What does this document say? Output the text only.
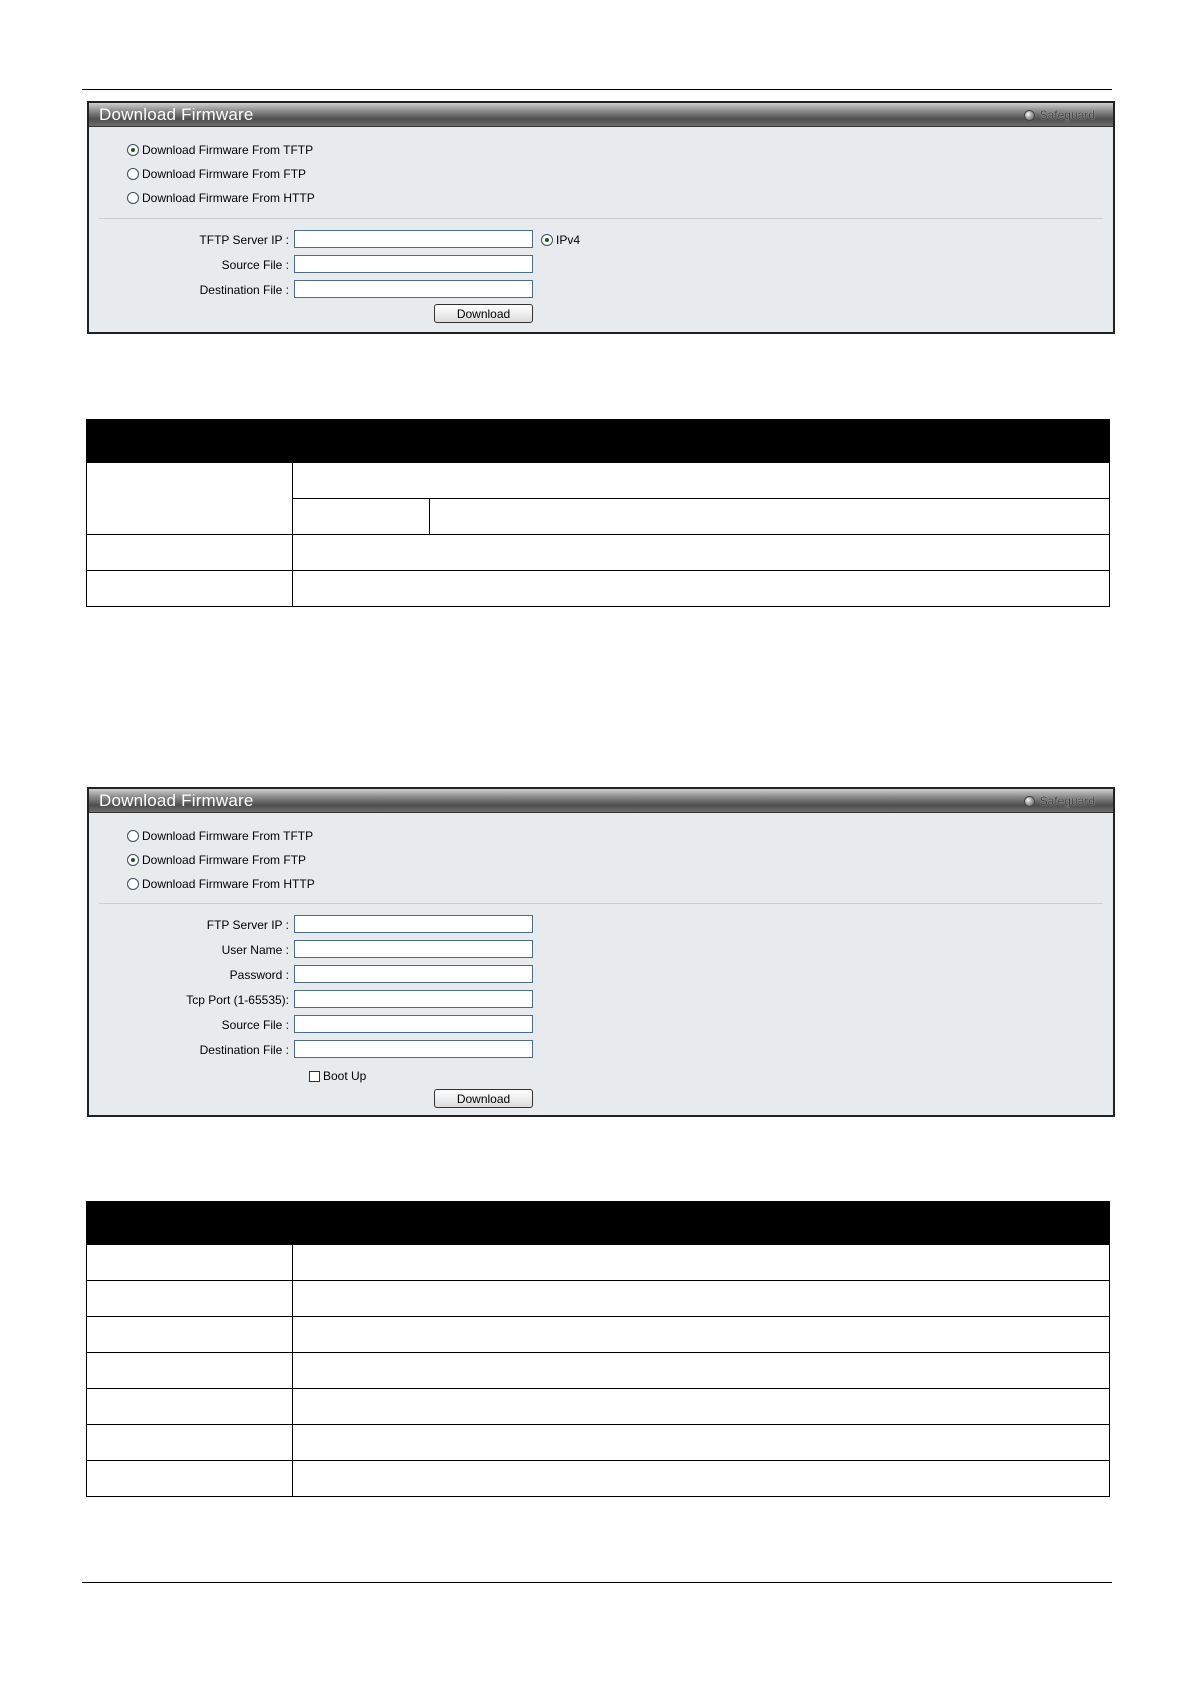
Download Firmware	Safeguard
Download Firmware From TFTP
Download Firmware From FTP
Download Firmware From HTTP
TFTP Server IP :	IPv4
Source File :
Destination File :
Download

Download Firmware	Safeguard
Download Firmware From TFTP
Download Firmware From FTP
Download Firmware From HTTP
FTP Server IP :
User Name :
Password :
Tcp Port (1-65535):
Source File :
Destination File :
Boot Up
Download
